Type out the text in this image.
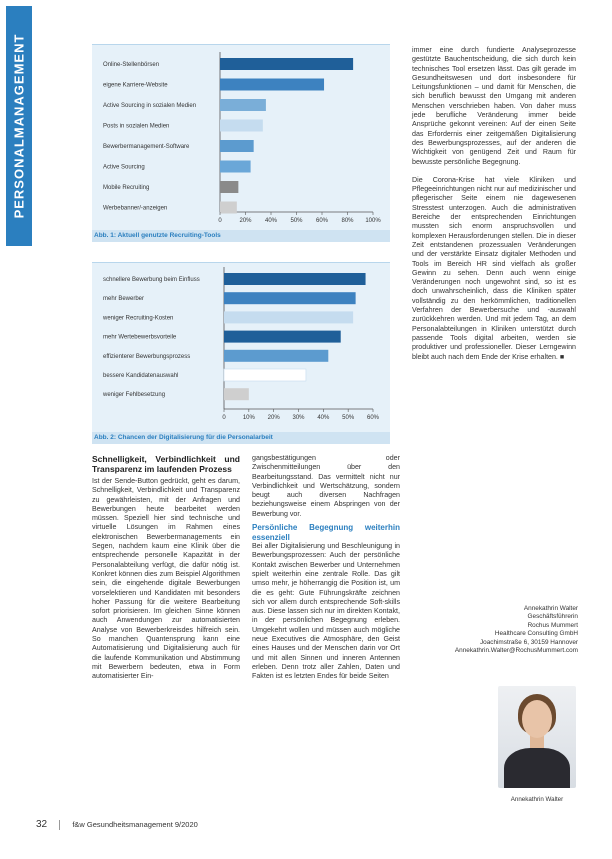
PERSONALMANAGEMENT	Online-Stellenbörsen
eigene Karriere-Website
Active Sourcing in sozialen Medien
Posts in sozialen Medien
Bewerbermanagement-Software
Active Sourcing
Mobile Recruiting
Werbebanner/-anzeigen
0	20% 40% 50% 60% 80% 100%
Abb. 1: Aktuell genutzte Recruiting-Tools
schnellere Bewerbung beim Einfluss
mehr Bewerber
weniger Recruiting-Kosten
mehr Wertebewerbsvorteile
effizienterer Bewerbungsprozess
bessere Kandidatenauswahl
weniger Fehlbesetzung
0	10% 20% 30% 40% 50% 60%
Abb. 2: Chancen der Digitalisierung für die Personalarbeit
Schnelligkeit, Verbindlichkeit und Transparenz im laufenden Prozess

Ist der Sende-Button gedrückt, geht es darum, Schnelligkeit, Verbindlichkeit und Transparenz zu gewährleisten, mit der Anfragen und Bewerbungen heute bearbeitet werden müssen. Speziell hier sind technische und virtuelle Lösungen im Rahmen eines elektronischen Bewerbermanagements ein Segen, nachdem kaum eine Klinik über die entsprechende personelle Kapazität in der Personalabteilung verfügt, die dafür nötig ist. Konkret können dies zum Beispiel Algorithmen sein, die eingehende digitale Bewerbungen vorselektieren und Kandidaten mit besonders hoher Passung für die weitere Bearbeitung sofort priorisieren. Im gleichen Sinne können auch Anwendungen zur automatisierten Analyse von Bewerberkreisdes hilfreich sein. So manchen Quantensprung kann eine Automatisierung und Digitalisierung auch für die laufende Kommunikation und Abstimmung mit Bewerbern bedeuten, etwa in Form automatisierter Ein-

gangsbestätigungen oder Zwischenmitteilungen über den Bearbeitungsstand. Das vermittelt nicht nur Verbindlichkeit und Wertschätzung, sondern beugt auch diversen Nachfragen beziehungsweise einem Abspringen von der Bewerbung vor.

Persönliche Begegnung weiterhin essenziell

Bei aller Digitalisierung und Beschleunigung in Bewerbungsprozessen: Auch der persönliche Kontakt zwischen Bewerber und Unternehmen spielt weiterhin eine zentrale Rolle. Das gilt umso mehr, je höherrangig die Position ist, um die es geht: Gute Führungskräfte zeichnen sich vor allem durch entsprechende Soft-skills aus. Diese lassen sich nur im direkten Kontakt, in der persönlichen Begegnung erleben. Umgekehrt wollen und müssen auch mögliche neue Executives die Atmosphäre, den Geist eines Hauses und der Menschen darin vor Ort und mit allen Sinnen und inneren Antennen erleben. Denn trotz aller Zahlen, Daten und Fakten ist es letzten Endes für beide Seiten

immer eine durch fundierte Analyseprozesse gestützte Bauchentscheidung, die sich durch kein technisches Tool ersetzen lässt. Das gilt gerade im Gesundheitswesen und dort insbesondere für Leitungsfunktionen – und damit für Menschen, die sich beruflich bewusst den Umgang mit anderen Menschen verschrieben haben. Von daher muss jede berufliche Veränderung immer beide Ansprüche gekonnt vereinen: Auf der einen Seite das Erfordernis einer zeitgemäßen Digitalisierung des Bewerbungsprozesses, auf der anderen die Wichtigkeit von genügend Zeit und Raum für bewusste persönliche Begegnung.

Die Corona-Krise hat viele Kliniken und Pflegeeinrichtungen nicht nur auf medizinischer und pflegerischer Seite einem nie dagewesenen Stresstest unterzogen. Auch die administrativen Bereiche der entsprechenden Einrichtungen mussten sich enorm anspruchsvollen und komplexen Herausforderungen stellen. Die in dieser Zeit entstandenen prozessualen Veränderungen und der verstärkte Einsatz digitaler Methoden und Tools im Bereich HR sind vielfach als großer Gewinn zu sehen. Denn auch wenn einige Veränderungen noch ungewohnt sind, so ist es doch unwahrscheinlich, dass die Kliniken später vollständig zu den herkömmlichen, traditionellen Verfahren der Bewerbersuche und -auswahl zurückkehren werden. Und mit jedem Tag, an dem Personalabteilungen in Kliniken unterstützt durch passende Tools digital arbeiten, werden sie produktiver und professioneller. Dieser Lerngewinn bleibt auch nach dem Ende der Krise erhalten. ■

Annekathrin Walter
Geschäftsführerin
Rochus Mummert
Healthcare Consulting GmbH
Joachimstraße 6, 30159 Hannover
Annekathrin.Walter@RochusMummert.com
Annekathrin Walter
32	f&w Gesundheitsmanagement 9/2020
